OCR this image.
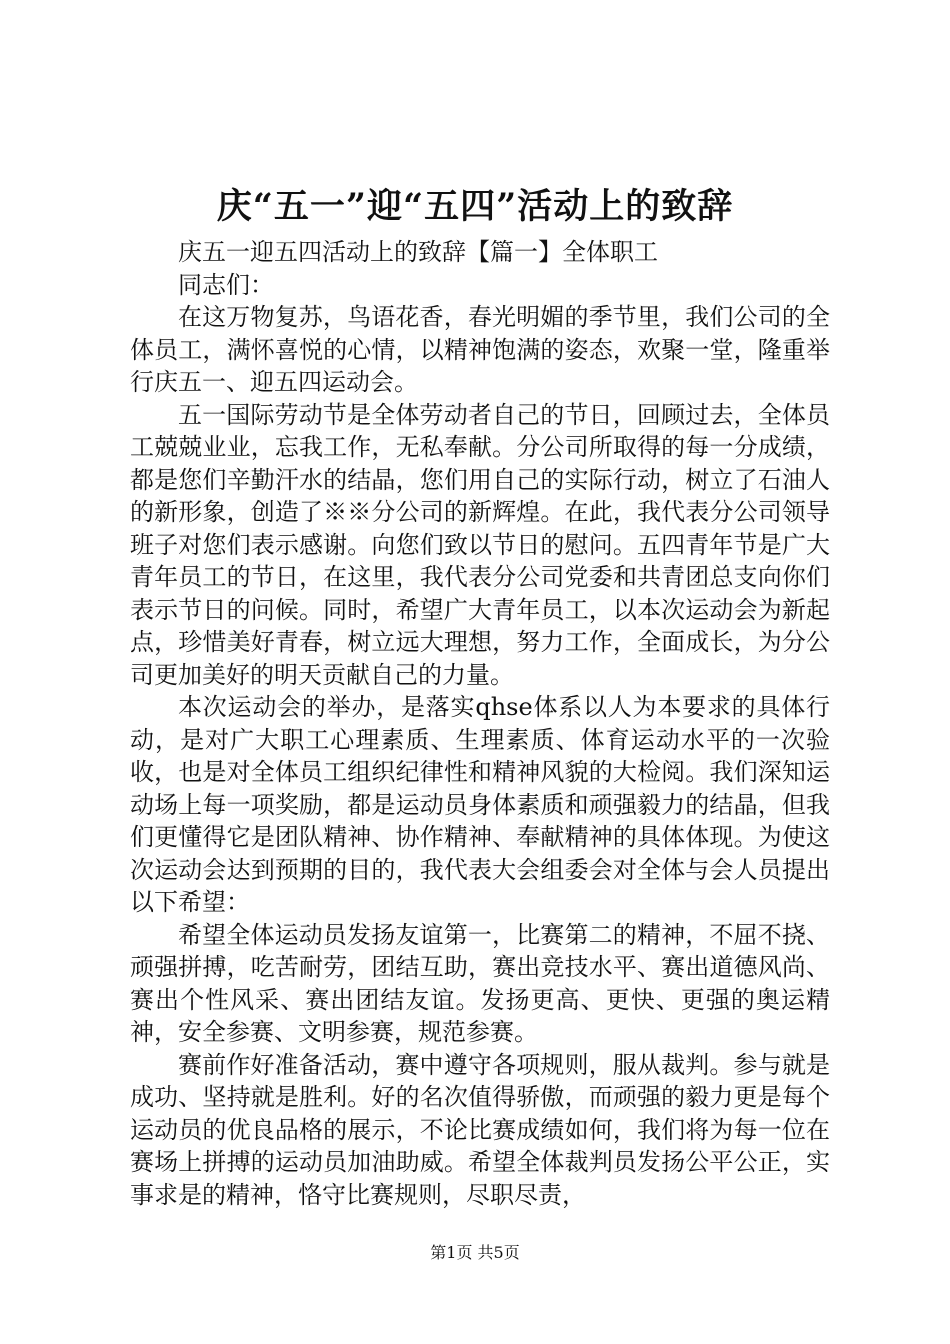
庆“五一”迎“五四”活动上的致辞

庆五一迎五四活动上的致辞【篇一】全体职工

同志们：

在这万物复苏，鸟语花香，春光明媚的季节里，我们公司的全体员工，满怀喜悦的心情，以精神饱满的姿态，欢聚一堂，隆重举行庆五一、迎五四运动会。

五一国际劳动节是全体劳动者自己的节日，回顾过去，全体员工兢兢业业，忘我工作，无私奉献。分公司所取得的每一分成绩，都是您们辛勤汗水的结晶，您们用自己的实际行动，树立了石油人的新形象，创造了※※分公司的新辉煌。在此，我代表分公司领导班子对您们表示感谢。向您们致以节日的慰问。五四青年节是广大青年员工的节日，在这里，我代表分公司党委和共青团总支向你们表示节日的问候。同时，希望广大青年员工，以本次运动会为新起点，珍惜美好青春，树立远大理想，努力工作，全面成长，为分公司更加美好的明天贡献自己的力量。

本次运动会的举办，是落实qhse体系以人为本要求的具体行动，是对广大职工心理素质、生理素质、体育运动水平的一次验收，也是对全体员工组织纪律性和精神风貌的大检阅。我们深知运动场上每一项奖励，都是运动员身体素质和顽强毅力的结晶，但我们更懂得它是团队精神、协作精神、奉献精神的具体体现。为使这次运动会达到预期的目的，我代表大会组委会对全体与会人员提出以下希望：

希望全体运动员发扬友谊第一，比赛第二的精神，不屈不挠、顽强拼搏，吃苦耐劳，团结互助，赛出竞技水平、赛出道德风尚、赛出个性风采、赛出团结友谊。发扬更高、更快、更强的奥运精神，安全参赛、文明参赛，规范参赛。

赛前作好准备活动，赛中遵守各项规则，服从裁判。参与就是成功、坚持就是胜利。好的名次值得骄傲，而顽强的毅力更是每个运动员的优良品格的展示，不论比赛成绩如何，我们将为每一位在赛场上拼搏的运动员加油助威。希望全体裁判员发扬公平公正，实事求是的精神，恪守比赛规则，尽职尽责，

第1页 共5页
